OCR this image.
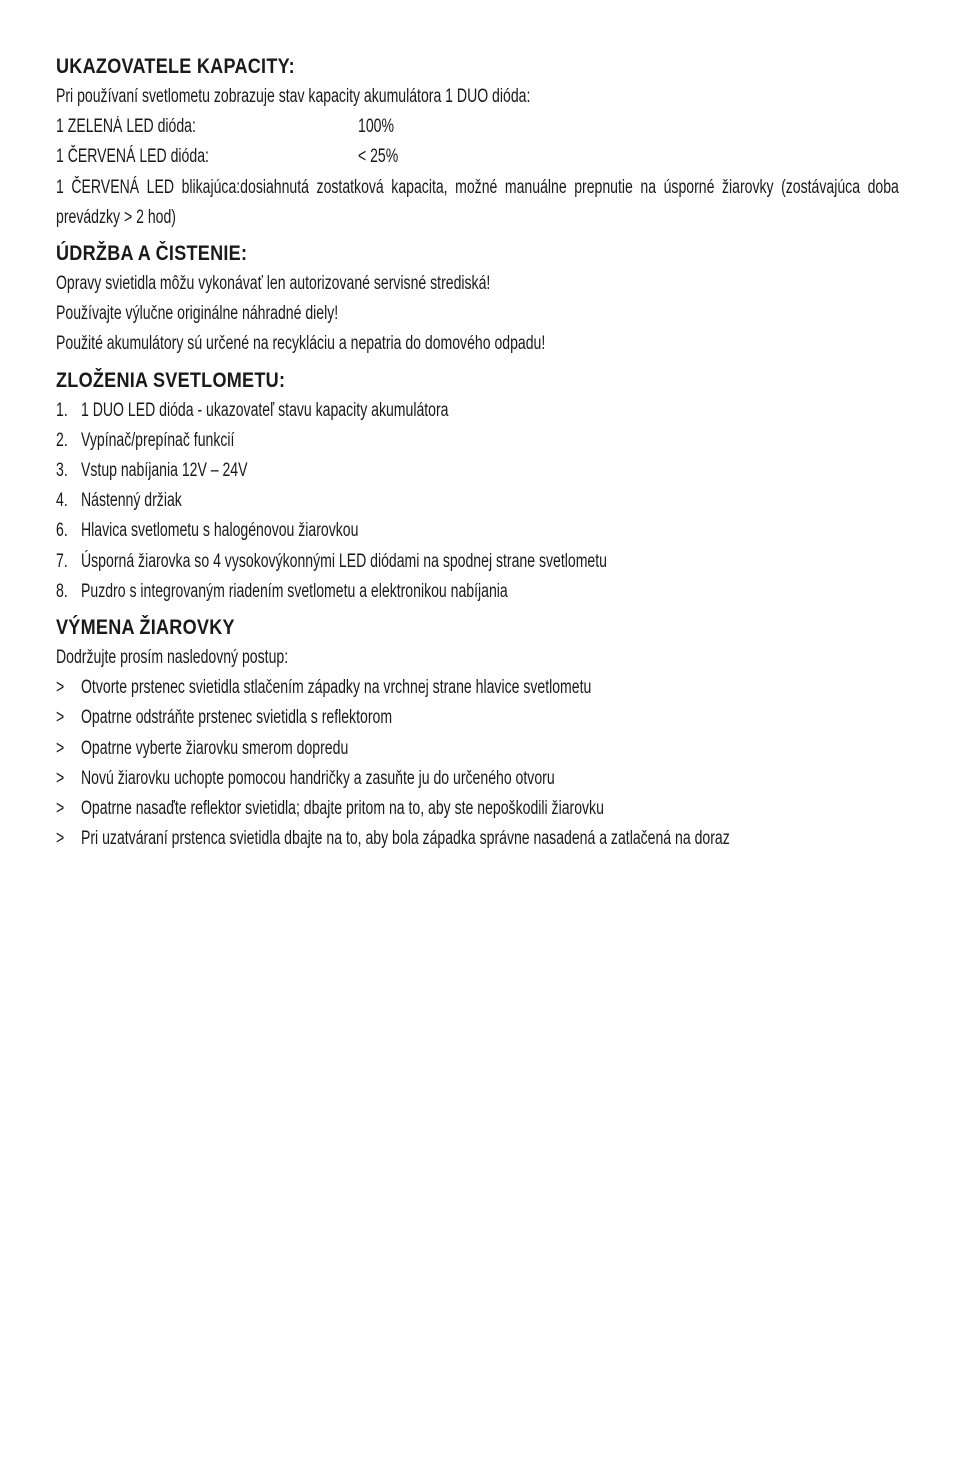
UKAZOVATELE KAPACITY:
Pri používaní svetlometu zobrazuje stav kapacity akumulátora 1 DUO dióda:
1 ZELENÁ LED dióda:	100%
1 ČERVENÁ LED dióda:	< 25%
1 ČERVENÁ LED blikajúca:dosiahnutá zostatková kapacita, možné manuálne prepnutie na úsporné žiarovky (zostávajúca doba prevádzky > 2 hod)
ÚDRŽBA A ČISTENIE:
Opravy svietidla môžu vykonávať len autorizované servisné strediská!
Používajte výlučne originálne náhradné diely!
Použité akumulátory sú určené na recykláciu a nepatria do domového odpadu!
ZLOŽENIA SVETLOMETU:
1. 1 DUO LED dióda - ukazovateľ stavu kapacity akumulátora
2. Vypínač/prepínač funkcií
3. Vstup nabíjania 12V – 24V
4. Nástenný držiak
6. Hlavica svetlometu s halogénovou žiarovkou
7. Úsporná žiarovka so 4 vysokovýkonnými LED diódami na spodnej strane svetlometu
8. Puzdro s integrovaným riadením svetlometu a elektronikou nabíjania
VÝMENA ŽIAROVKY
Dodržujte prosím nasledovný postup:
> Otvorte prstenec svietidla stlačením západky na vrchnej strane hlavice svetlometu
> Opatrne odstráňte prstenec svietidla s reflektorom
> Opatrne vyberte žiarovku smerom dopredu
> Novú žiarovku uchopte pomocou handričky a zasuňte ju do určeného otvoru
> Opatrne nasaďte reflektor svietidla; dbajte pritom na to, aby ste nepoškodili žiarovku
> Pri uzatváraní prstenca svietidla dbajte na to, aby bola západka správne nasadená a zatlačená na doraz
